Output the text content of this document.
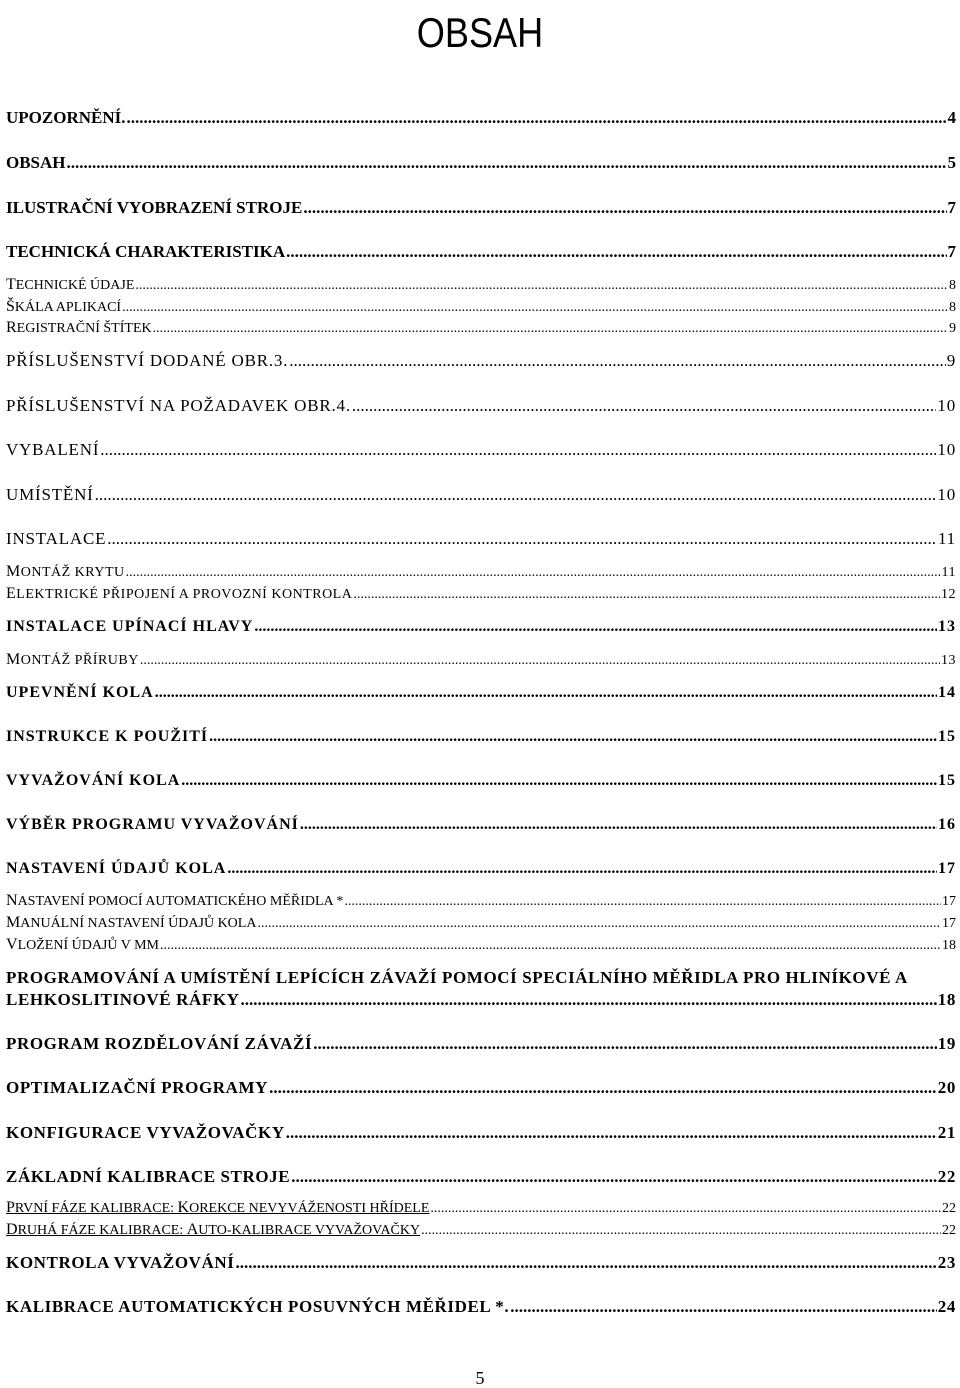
OBSAH
UPOZORNĚNÍ. .....	4
OBSAH .....	5
ILUSTRAČNÍ VYOBRAZENÍ STROJE .....	7
TECHNICKÁ CHARAKTERISTIKA .....	7
TECHNICKÉ ÚDAJE .....	8
ŠKÁLA APLIKACÍ .....	8
REGISTRAČNÍ ŠTÍTEK .....	9
PŘÍSLUŠENSTVÍ DODANÉ OBR.3. .....	9
PŘÍSLUŠENSTVÍ NA POŽADAVEK OBR.4. .....	10
VYBALENÍ .....	10
UMÍSTĚNÍ .....	10
INSTALACE .....	11
MONTÁŽ KRYTU .....	11
ELEKTRICKÉ PŘIPOJENÍ A PROVOZNÍ KONTROLA .....	12
INSTALACE UPÍNACÍ HLAVY .....	13
MONTÁŽ PŘÍRUBY .....	13
UPEVNĚNÍ KOLA .....	14
INSTRUKCE K POUŽITÍ .....	15
VYVAŽOVÁNÍ KOLA .....	15
VÝBĚR PROGRAMU VYVAŽOVÁNÍ .....	16
NASTAVENÍ ÚDAJŮ KOLA .....	17
NASTAVENÍ POMOCÍ AUTOMATICKÉHO MĚŘIDLA * .....	17
MANUÁLNÍ NASTAVENÍ ÚDAJŮ KOLA .....	17
VLOŽENÍ ÚDAJŮ V MM .....	18
PROGRAMOVÁNÍ A UMÍSTĚNÍ LEPÍCÍCH ZÁVAŽÍ POMOCÍ SPECIÁLNÍHO MĚŘIDLA PRO HLINÍKOVÉ A
LEHKOSLITINOVÉ RÁFKY .....	18
PROGRAM ROZDĚLOVÁNÍ ZÁVAŽÍ .....	19
OPTIMALIZAČNÍ PROGRAMY .....	20
KONFIGURACE VYVAŽOVAČKY .....	21
ZÁKLADNÍ KALIBRACE STROJE .....	22
PRVNÍ FÁZE KALIBRACE: KOREKCE NEVYVÁŽENOSTI HŘÍDELE .....	22
DRUHÁ FÁZE KALIBRACE: AUTO-KALIBRACE VYVAŽOVAČKY .....	22
KONTROLA VYVAŽOVÁNÍ .....	23
KALIBRACE AUTOMATICKÝCH POSUVNÝCH MĚŘIDEL *. .....	24
5
